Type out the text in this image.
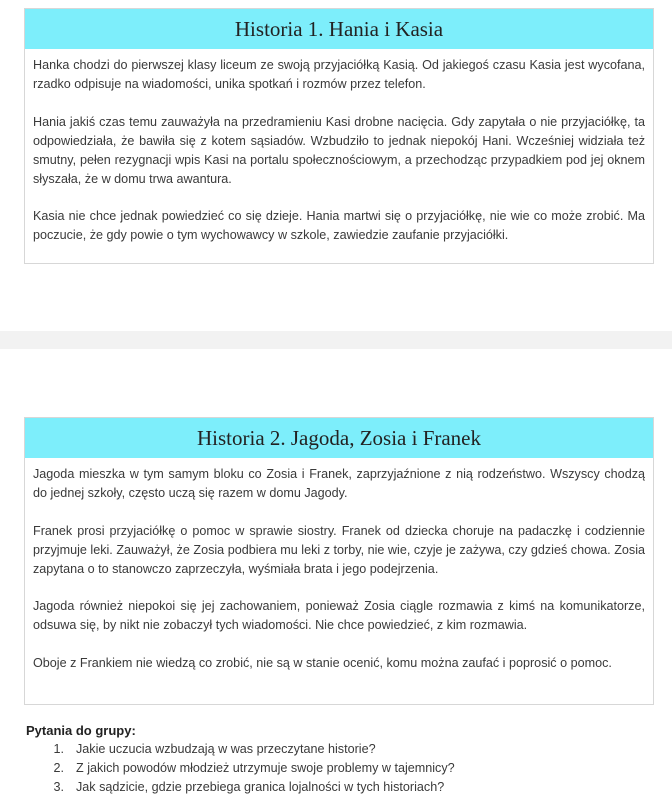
Historia 1. Hania i Kasia

Hanka chodzi do pierwszej klasy liceum ze swoją przyjaciółką Kasią. Od jakiegoś czasu Kasia jest wycofana, rzadko odpisuje na wiadomości, unika spotkań i rozmów przez telefon.

Hania jakiś czas temu zauważyła na przedramieniu Kasi drobne nacięcia. Gdy zapytała o nie przyjaciółkę, ta odpowiedziała, że bawiła się z kotem sąsiadów. Wzbudziło to jednak niepokój Hani. Wcześniej widziała też smutny, pełen rezygnacji wpis Kasi na portalu społecznościowym, a przechodząc przypadkiem pod jej oknem słyszała, że w domu trwa awantura.

Kasia nie chce jednak powiedzieć co się dzieje. Hania martwi się o przyjaciółkę, nie wie co może zrobić. Ma poczucie, że gdy powie o tym wychowawcy w szkole, zawiedzie zaufanie przyjaciółki.

Historia 2. Jagoda, Zosia i Franek

Jagoda mieszka w tym samym bloku co Zosia i Franek, zaprzyjaźnione z nią rodzeństwo. Wszyscy chodzą do jednej szkoły, często uczą się razem w domu Jagody.

Franek prosi przyjaciółkę o pomoc w sprawie siostry. Franek od dziecka choruje na padaczkę i codziennie przyjmuje leki. Zauważył, że Zosia podbiera mu leki z torby, nie wie, czyje je zażywa, czy gdzieś chowa. Zosia zapytana o to stanowczo zaprzeczyła, wyśmiała brata i jego podejrzenia.

Jagoda również niepokoi się jej zachowaniem, ponieważ Zosia ciągle rozmawia z kimś na komunikatorze, odsuwa się, by nikt nie zobaczył tych wiadomości. Nie chce powiedzieć, z kim rozmawia.

Oboje z Frankiem nie wiedzą co zrobić, nie są w stanie ocenić, komu można zaufać i poprosić o pomoc.

Pytania do grupy:
1. Jakie uczucia wzbudzają w was przeczytane historie?
2. Z jakich powodów młodzież utrzymuje swoje problemy w tajemnicy?
3. Jak sądzicie, gdzie przebiega granica lojalności w tych historiach?
